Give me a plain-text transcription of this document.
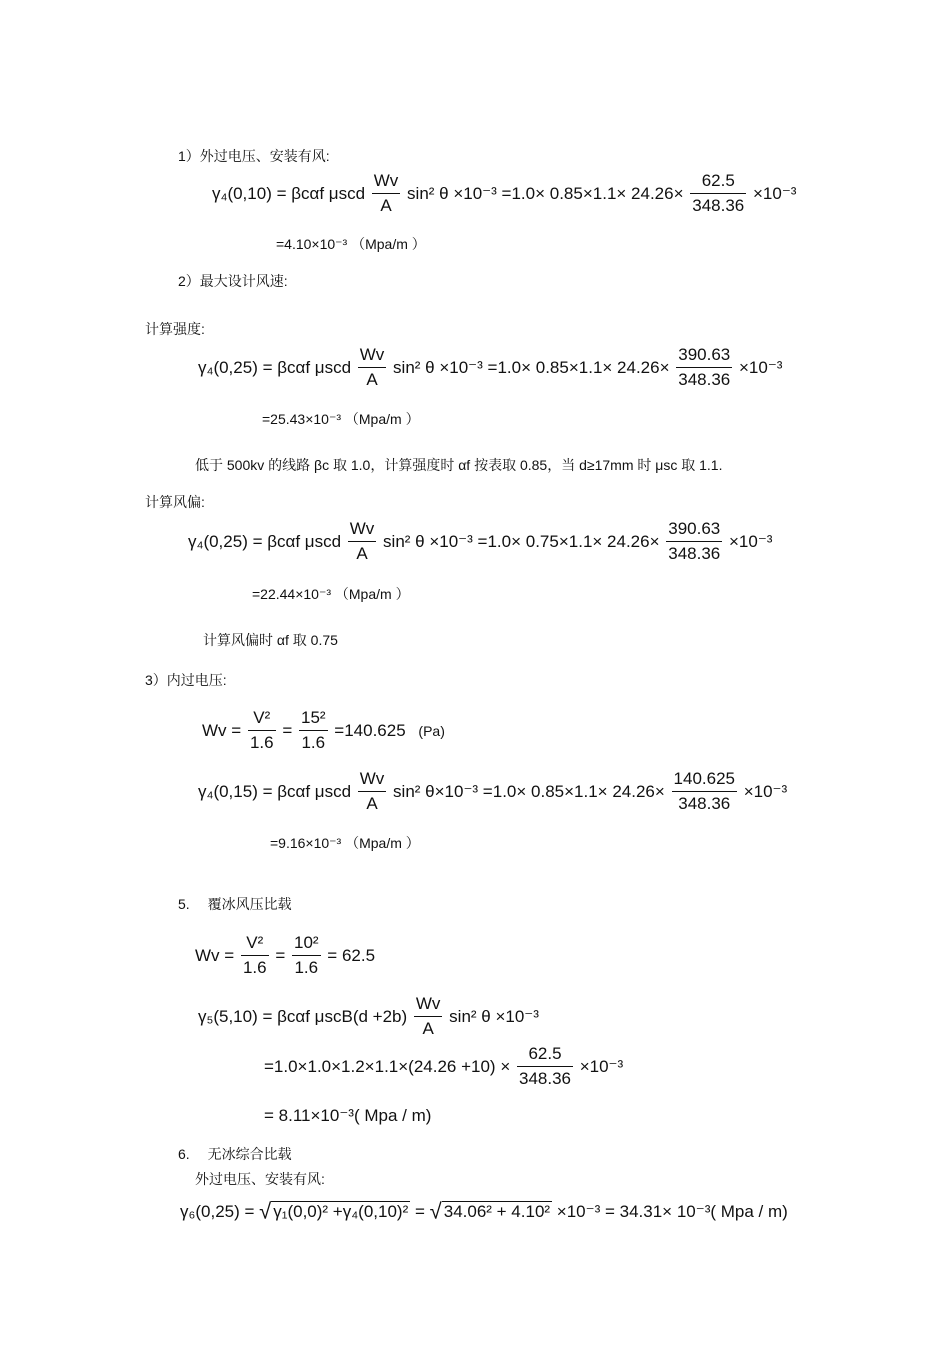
1）外过电压、安装有风:
γ₄(0,10) = βcαf μscd $\frac{Wv}{A} \sin^2$ $\theta \times 10^{-3} =1.0\times 0.85\times 1.1\times 24.26\times \frac{62.5}{348.36} \times 10^{-3}$
=4.10×10⁻³ （Mpa/m ）
2）最大设计风速:
计算强度:
γ₄(0,25) = βcαf μscd $\frac{Wv}{A} \sin^2$ $\theta \times 10^{-3} =1.0\times 0.85\times 1.1\times 24.26\times \frac{390.63}{348.36} \times 10^{-3}$
=25.43×10⁻³ （Mpa/m ）
低于 500kv 的线路 βc 取 1.0，计算强度时 αf 按表取 0.85，当 d≥17mm 时 μsc 取 1.1.
计算风偏:
γ₄(0,25) = βcαf μscd $\frac{Wv}{A} \sin^2$ $\theta \times 10^{-3} =1.0\times 0.75\times 1.1\times 24.26\times \frac{390.63}{348.36} \times 10^{-3}$
=22.44×10⁻³ （Mpa/m ）
计算风偏时 αf 取 0.75
3）内过电压:
$Wv = \frac{\text{V²}}{1.6} = \frac{\text{15²}}{1.6} =140.625$ (Pa)
γ₄(0,15) = βcαf μscd $\frac{Wv}{A} \sin^2$ $\theta\times 10^{-3} =1.0\times 0.85\times 1.1\times 24.26\times \frac{140.625}{348.36} \times 10^{-3}$
=9.16×10⁻³ （Mpa/m ）
5.　 覆冰风压比载
$Wv = \frac{\text{V²}}{1.6} = \frac{\text{10²}}{1.6} = 62.5$
γ₅(5,10) = βcαf $\mu scB(d +2b) \frac{Wv}{A} \sin^2$ θ ×10⁻³
$=1.0\times 1.0\times 1.2\times 1.1\times(24.26 +10) \times \frac{62.5}{348.36} \times 10^{-3}$
= 8.11×10⁻³( Mpa / m)
6.　 无冰综合比载
外过电压、安装有风:
γ₆(0,25) = √ γ₁(0,0)² +γ₄(0,10)² = √ 34.06² + 4.10² ×10⁻³ = 34.31× 10⁻³( Mpa / m)
